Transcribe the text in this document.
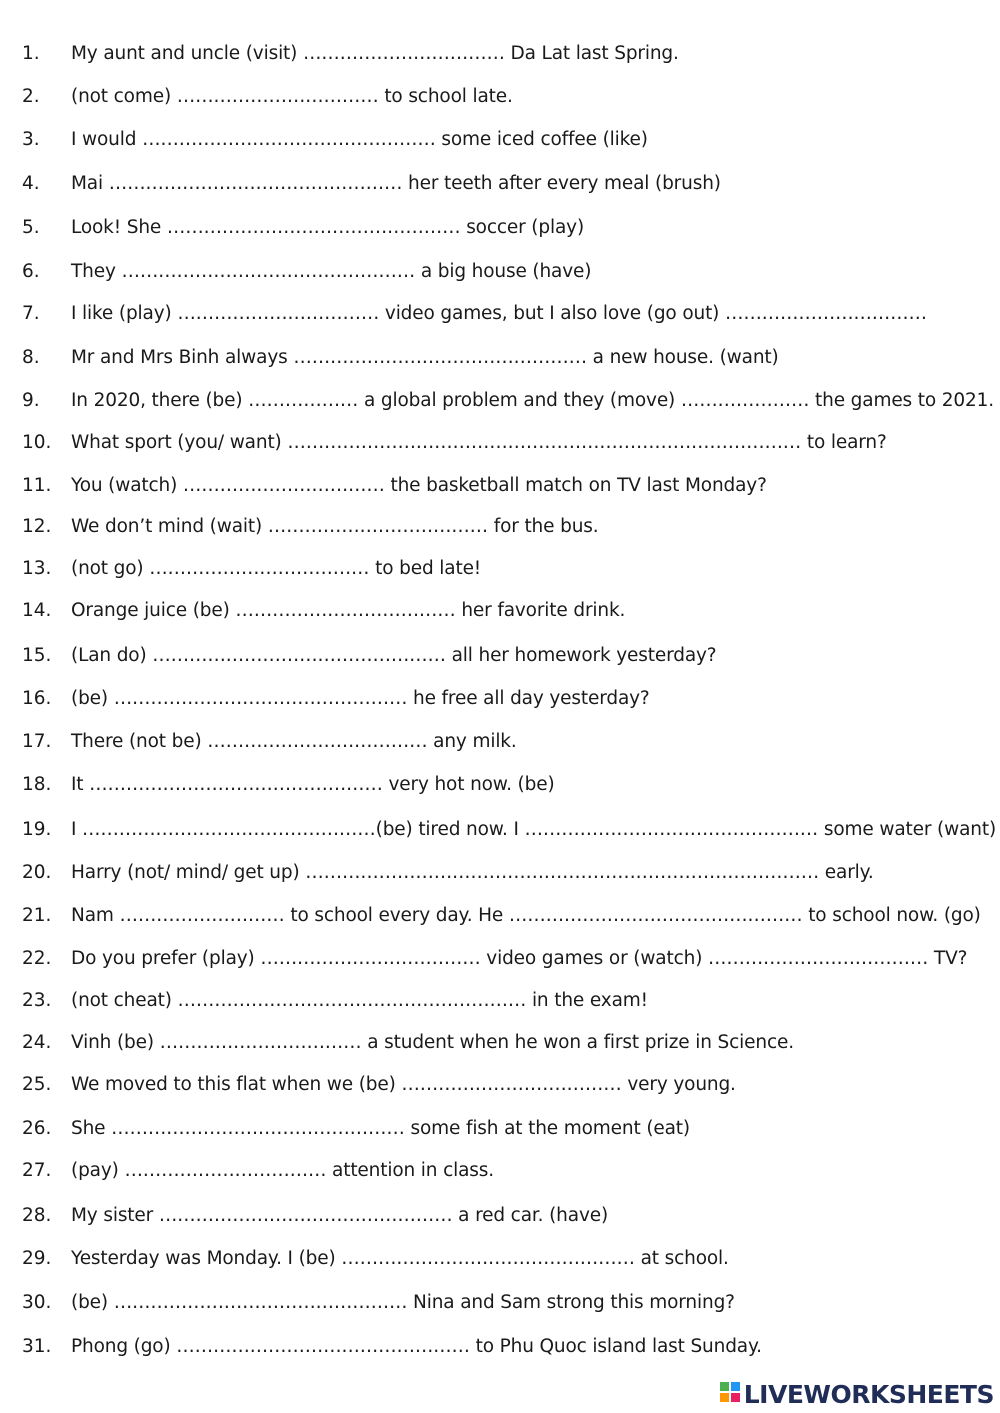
1. My aunt and uncle (visit) …………………………… Da Lat last Spring.
2. (not come) …………………………… to school late.
3. I would ………………………………………… some iced coffee (like)
4. Mai ………………………………………… her teeth after every meal (brush)
5. Look! She ………………………………………… soccer (play)
6. They ………………………………………… a big house (have)
7. I like (play) …………………………… video games, but I also love (go out) ……………………………
8. Mr and Mrs Binh always ………………………………………… a new house. (want)
9. In 2020, there (be) ……………… a global problem and they (move) ………………… the games to 2021.
10. What sport (you/ want) ………………………………………………………………………… to learn?
11. You (watch) …………………………… the basketball match on TV last Monday?
12. We don’t mind (wait) ……………………………… for the bus.
13. (not go) ……………………………… to bed late!
14. Orange juice (be) ……………………………… her favorite drink.
15. (Lan do) ………………………………………… all her homework yesterday?
16. (be) ………………………………………… he free all day yesterday?
17. There (not be) ……………………………… any milk.
18. It ………………………………………… very hot now. (be)
19. I …………………………………………(be) tired now. I ………………………………………… some water (want)
20. Harry (not/ mind/ get up) ………………………………………………………………………… early.
21. Nam ……………………… to school every day. He ………………………………………… to school now. (go)
22. Do you prefer (play) ……………………………… video games or (watch) ……………………………… TV?
23. (not cheat) ………………………………………………… in the exam!
24. Vinh (be) …………………………… a student when he won a first prize in Science.
25. We moved to this flat when we (be) ……………………………… very young.
26. She ………………………………………… some fish at the moment (eat)
27. (pay) …………………………… attention in class.
28. My sister ………………………………………… a red car. (have)
29. Yesterday was Monday. I (be) ………………………………………… at school.
30. (be) ………………………………………… Nina and Sam strong this morning?
31. Phong (go) ………………………………………… to Phu Quoc island last Sunday.
LIVEWORKSHEETS
